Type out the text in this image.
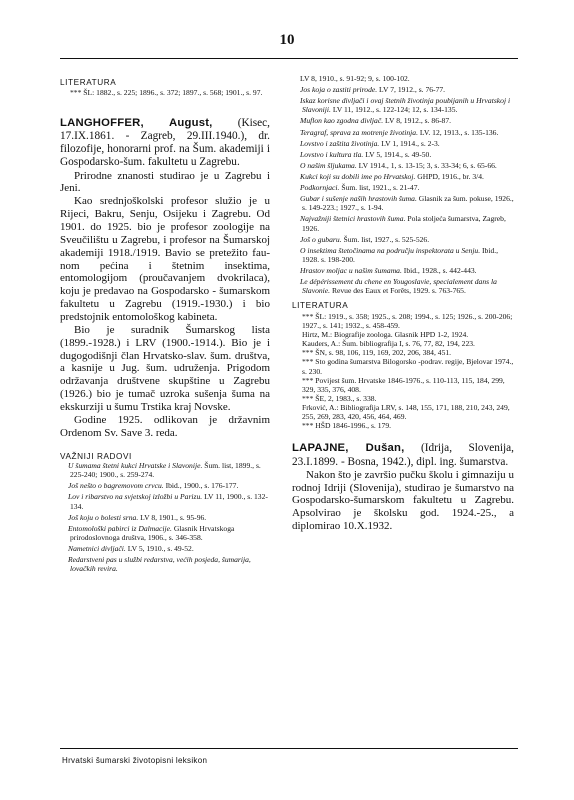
10
LITERATURA
*** ŠL: 1882., s. 225; 1896., s. 372; 1897., s. 568; 1901., s. 97.
LANGHOFFER, August, (Kisec, 17.IX.1861. - Zagreb, 29.III.1940.), dr. filozofije, honorarni prof. na Šum. akademiji i Gospodarsko-šum. fakultetu u Zagrebu.

Prirodne znanosti studirao je u Zagrebu i Jeni.

Kao srednjoškolski profesor služio je u Rijeci, Bakru, Senju, Osijeku i Zagrebu. Od 1901. do 1925. bio je profesor zoologije na Sveučilištu u Zagrebu, i profesor na Šumarskoj akademiji 1918./1919. Bavio se pretežito fau-nom pećina i štetnim insektima, entomologijom (proučavanjem dvokrilaca), koju je predavao na Gospodarsko - šumarskom fakultetu u Zagrebu (1919.-1930.) i bio predstojnik entomološkog kabineta.

Bio je suradnik Šumarskog lista (1899.-1928.) i LRV (1900.-1914.). Bio je i dugogodišnji član Hrvatsko-slav. šum. društva, a kasnije u Jug. šum. udruženja. Prigodom održavanja društvene skupštine u Zagrebu (1926.) bio je tumač uzroka sušenja šuma na ekskurziji u šumu Trstika kraj Novske.

Godine 1925. odlikovan je državnim Ordenom Sv. Save 3. reda.

VAŽNIJI RADOVI

U šumama štetni kukci Hrvatske i Slavonije. Šum. list, 1899., s. 225-240; 1900., s. 259-274.

Još nešto o bagremovom crvcu. Ibid., 1900., s. 176-177.

Lov i ribarstvo na svjetskoj izložbi u Parizu. LV 11, 1900., s. 132-134.

Još koju o bolesti srna. LV 8, 1901., s. 95-96.

Entomološki pabirci iz Dalmacije. Glasnik Hrvatskoga prirodoslovnoga društva, 1906., s. 346-358.

Nametnici divljači. LV 5, 1910., s. 49-52.

Redarstveni pas u službi redarstva, većih posjeda, šumarija, lovačkih revira.

LV 8, 1910., s. 91-92; 9, s. 100-102.

Jos koja o zastiti prirode. LV 7, 1912., s. 76-77.

Iskaz korisne divljači i ovaj štetnih životinja poubijanih u Hrvatskoj i Slavoniji. LV 11, 1912., s. 122-124; 12, s. 134-135.

Muflon kao zgodna divljač. LV 8, 1912., s. 86-87.

Teragraf, sprava za motrenje životinja. LV. 12, 1913., s. 135-136.

Lovstvo i zaštita životinja. LV 1, 1914., s. 2-3.

Lovstvo i kultura tla. LV 5, 1914., s. 49-50.

O našim šljukama. LV 1914., 1, s. 13-15; 3, s. 33-34; 6, s. 65-66.

Kukci koji su dobili ime po Hrvatskoj. GHPD, 1916., br. 3/4.

Podkornjaci. Šum. list, 1921., s. 21-47.

Gubar i sušenje naših hrastovih šuma. Glasnik za šum. pokuse, 1926., s. 149-223.; 1927., s. 1-94.

Najvažniji štetnici hrastovih šuma. Pola stoljeća šumarstva, Zagreb, 1926.

Još o gubaru. Šum. list, 1927., s. 525-526.

O insektima štetočinama na području inspektorata u Senju. Ibid., 1928. s. 198-200.

Hrastov moljac u našim šumama. Ibid., 1928., s. 442-443.

Le dépérissement du chene en Yougoslavie, specialement dans la Slavonie. Revue des Eaux et Forêts, 1929. s. 763-765.

LITERATURA

*** ŠL: 1919., s. 358; 1925., s. 208; 1994., s. 125; 1926., s. 200-206; 1927., s. 141; 1932., s. 458-459.

Hirtz, M.: Biografije zoologa. Glasnik HPD 1-2, 1924.

Kauders, A.: Šum. bibliografija I, s. 76, 77, 82, 194, 223.

*** ŠN, s. 98, 106, 119, 169, 202, 206, 384, 451.

*** Sto godina šumarstva Bilogorsko -podrav. regije, Bjelovar 1974., s. 230.

*** Povijest šum. Hrvatske 1846-1976., s. 110-113, 115, 184, 299, 329, 335, 376, 408.

*** ŠE, 2, 1983., s. 338.

Frković, A.: Bibliografija LRV, s. 148, 155, 171, 188, 210, 243, 249, 255, 269, 283, 420, 456, 464, 469.

*** HŠD 1846-1996., s. 179.

LAPAJNE, Dušan, (Idrija, Slovenija, 23.I.1899. - Bosna, 1942.), dipl. ing. šumarstva.

Nakon što je završio pučku školu i gimnaziju u rodnoj Idriji (Slovenija), studirao je šumarstvo na Gospodarsko-šumarskom fakultetu u Zagrebu. Apsolvirao je školsku god. 1924.-25., a diplomirao 10.X.1932.

Hrvatski šumarski životopisni leksikon
